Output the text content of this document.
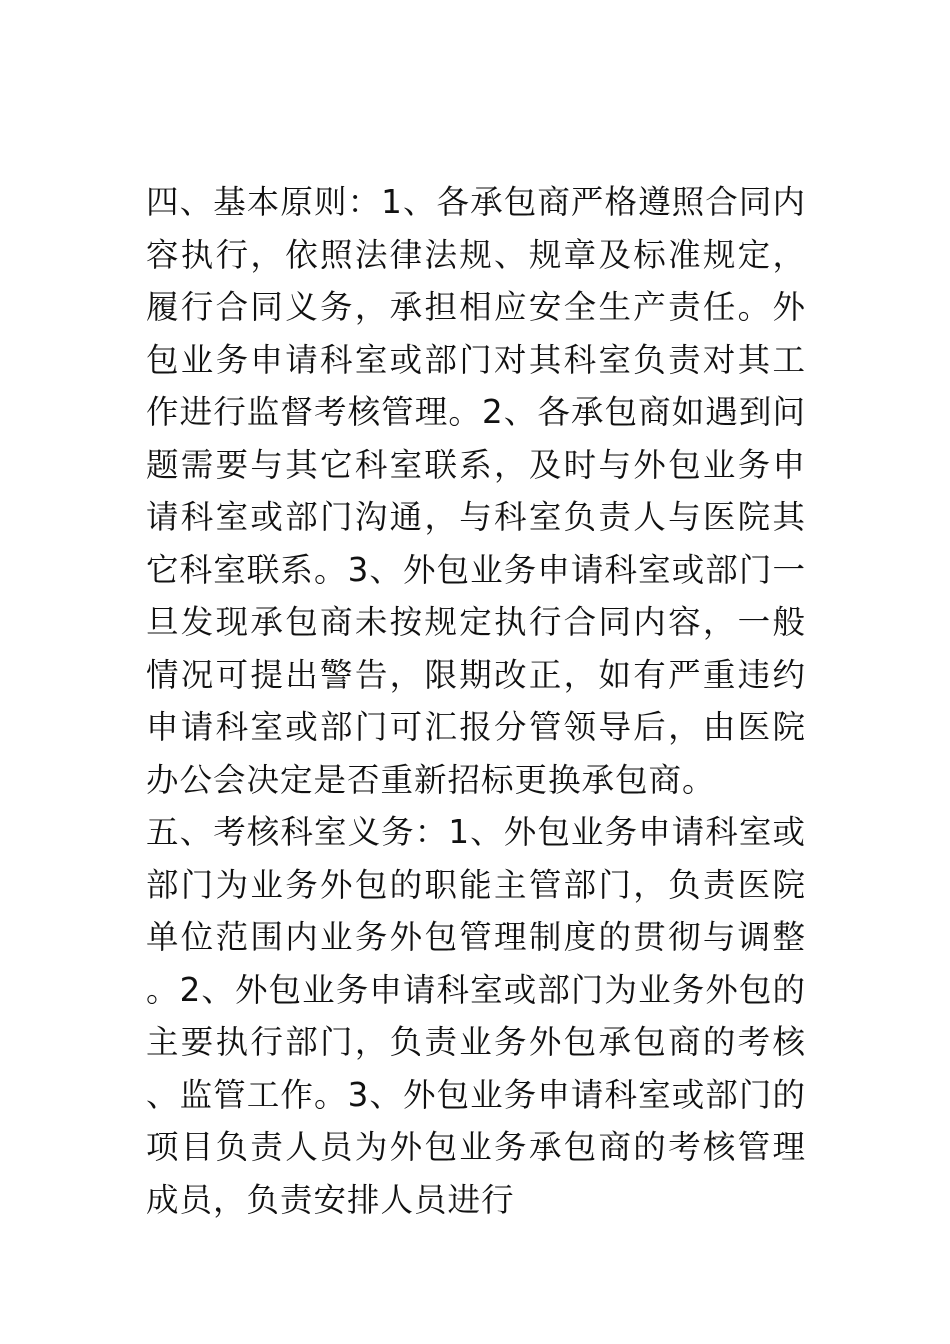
四、基本原则：1、各承包商严格遵照合同内容执行，依照法律法规、规章及标准规定，履行合同义务，承担相应安全生产责任。外包业务申请科室或部门对其科室负责对其工作进行监督考核管理。2、各承包商如遇到问题需要与其它科室联系，及时与外包业务申请科室或部门沟通，与科室负责人与医院其它科室联系。3、外包业务申请科室或部门一旦发现承包商未按规定执行合同内容，一般情况可提出警告，限期改正，如有严重违约申请科室或部门可汇报分管领导后，由医院办公会决定是否重新招标更换承包商。

五、考核科室义务：1、外包业务申请科室或部门为业务外包的职能主管部门，负责医院单位范围内业务外包管理制度的贯彻与调整。2、外包业务申请科室或部门为业务外包的主要执行部门，负责业务外包承包商的考核、监管工作。3、外包业务申请科室或部门的项目负责人员为外包业务承包商的考核管理成员，负责安排人员进行
